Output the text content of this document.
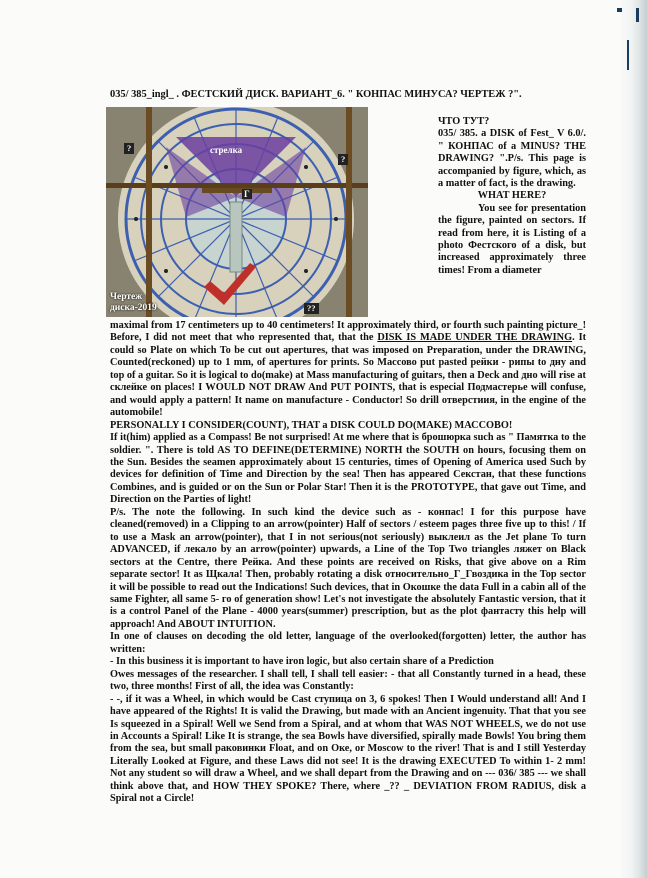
035/ 385_ingl_ . ФЕСТСКИЙ ДИСК. ВАРИАНТ_6. " КОНПАС МИНУСА? ЧЕРТЕЖ ?".
стрелка
Г
?
?
??
Чертеж
диска-2019

ЧТО ТУТ?

035/ 385. a DISK of Fest_ V 6.0/. " КОНПАС of a MINUS? THE DRAWING? ".P/s. This page is accompanied by figure, which, as a matter of fact, is the drawing.

WHAT HERE?

You see for presentation the figure, painted on sectors. If read from here, it is Listing of a photo Фестского of a disk, but increased approximately three times! From a diameter

maximal from 17 centimeters up to 40 centimeters! It approximately third, or fourth such painting picture_! Before, I did not meet that who represented that, that the DISK IS MADE UNDER THE DRAWING. It could so Plate on which To be cut out apertures, that was imposed on Preparation, under the DRAWING, Counted(reckoned) up to 1 mm, of apertures for prints. So Массово put pasted рейки - рипы to дну and top of a guitar. So it is logical to do(make) at Mass manufacturing of guitars, then a Deck and дно will rise at склейке on places! I WOULD NOT DRAW And PUT POINTS, that is especial Подмастерье will confuse, and would apply a pattern! It name on manufacture - Conductor! So drill отверстиия, in the engine of the automobile!

PERSONALLY I CONSIDER(COUNT), THAT a DISK COULD DO(MAKE) МАССОВО!

If it(him) applied as a Compass! Be not surprised! At me where that is брошюрка such as " Памятка to the soldier. ". There is told AS TO DEFINE(DETERMINE) NORTH the SOUTH on hours, focusing them on the Sun. Besides the seamen approximately about 15 centuries, times of Opening of America used Such by devices for definition of Time and Direction by the sea! Then has appeared Секстан, that these functions Combines, and is guided or on the Sun or Polar Star! Then it is the PROTOTYPE, that gave out Time, and Direction on the Parties of light!

P/s. The note the following. In such kind the device such as - конпас! I for this purpose have cleaned(removed) in a Clipping to an arrow(pointer) Half of sectors / esteem pages three five up to this! / If to use a Mask an arrow(pointer), that I in not serious(not seriously) выклеил as the Jet plane To turn ADVANCED, if лекало by an arrow(pointer) upwards, a Line of the Top Two triangles ляжет on Black sectors at the Centre, there Рейка. And these points are received on Risks, that give above on a Rim separate sector! It as Щкала! Then, probably rotating a disk относительно_Г_Гвоздика in the Top sector it will be possible to read out the Indications! Such devices, that in Окошке the data Full in a cabin all of the same Fighter, all same 5- го of generation show! Let's not investigate the absolutely Fantastic version, that it is a control Panel of the Plane - 4000 years(summer) prescription, but as the plot фантасту this help will approach! And ABOUT INTUITION.

In one of clauses on decoding the old letter, language of the overlooked(forgotten) letter, the author has written:

- In this business it is important to have iron logic, but also certain share of a Prediction

Owes messages of the researcher. I shall tell, I shall tell easier: - that all Constantly turned in a head, these two, three months! First of all, the idea was Constantly:

- -, if it was a Wheel, in which would be Cast ступица on 3, 6 spokes! Then I Would understand all! And I have appeared of the Rights! It is valid the Drawing, but made with an Ancient ingenuity. That that you see Is squeezed in a Spiral! Well we Send from a Spiral, and at whom that WAS NOT WHEELS, we do not use in Accounts a Spiral! Like It is strange, the sea Bowls have diversified, spirally made Bowls! You bring them from the sea, but small раковинки Float, and on Оке, or Moscow to the river! That is and I still Yesterday Literally Looked at Figure, and these Laws did not see! It is the drawing EXECUTED To within 1- 2 mm! Not any student so will draw a Wheel, and we shall depart from the Drawing and on --- 036/ 385 --- we shall think above that, and HOW THEY SPOKE? There, where _?? _ DEVIATION FROM RADIUS, disk a Spiral not a Circle!
